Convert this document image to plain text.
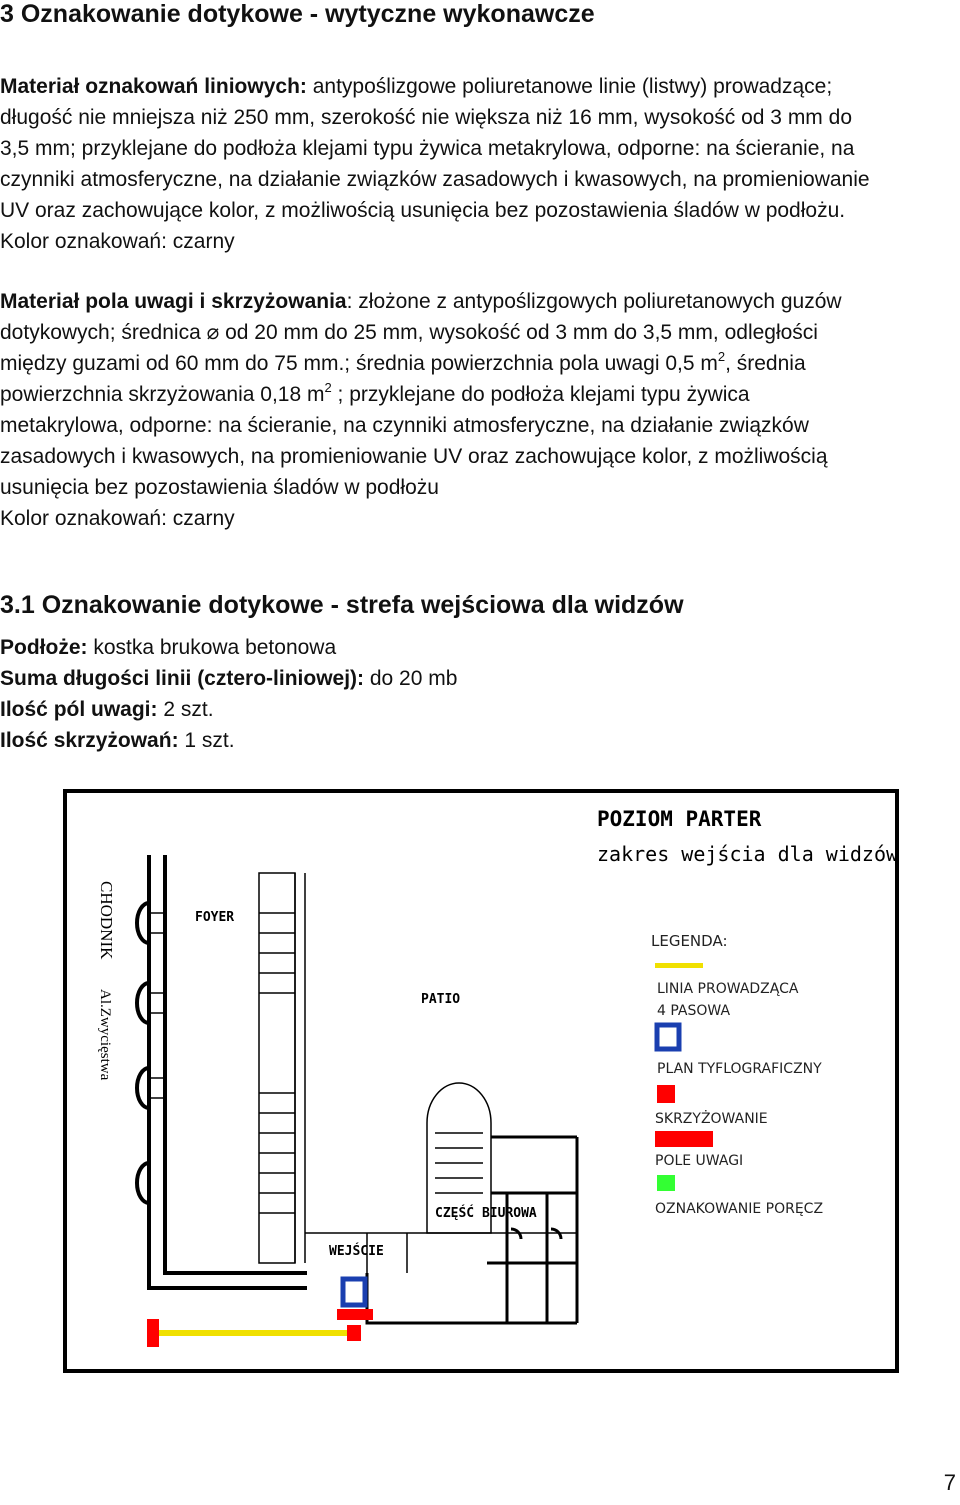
3 Oznakowanie dotykowe - wytyczne wykonawcze
Materiał oznakowań liniowych: antypoślizgowe poliuretanowe linie (listwy) prowadzące;
długość nie mniejsza niż 250 mm, szerokość nie większa niż 16 mm, wysokość od 3 mm do
3,5 mm; przyklejane do podłoża klejami typu żywica metakrylowa, odporne: na ścieranie, na
czynniki atmosferyczne, na działanie związków zasadowych i kwasowych, na promieniowanie
UV oraz zachowujące kolor, z możliwością usunięcia bez pozostawienia śladów w podłożu.
Kolor oznakowań: czarny
Materiał pola uwagi i skrzyżowania: złożone z antypoślizgowych poliuretanowych guzów
dotykowych; średnica ⌀ od 20 mm do 25 mm, wysokość od 3 mm do 3,5 mm, odległości
między guzami od 60 mm do 75 mm.; średnia powierzchnia pola uwagi 0,5 $m^2$, średnia
powierzchnia skrzyżowania 0,18 $m^2$ ; przyklejane do podłoża klejami typu żywica
metakrylowa, odporne: na ścieranie, na czynniki atmosferyczne, na działanie związków
zasadowych i kwasowych, na promieniowanie UV oraz zachowujące kolor, z możliwością
usunięcia bez pozostawienia śladów w podłożu
Kolor oznakowań: czarny
3.1 Oznakowanie dotykowe - strefa wejściowa dla widzów
Podłoże: kostka brukowa betonowa
Suma długości linii (cztero-liniowej): do 20 mb
Ilość pól uwagi: 2 szt.
Ilość skrzyżowań: 1 szt.
POZIOM PARTER
zakres wejścia dla widzów
CHODNIK
Al.Zwycięstwa
FOYER
PATIO
CZĘŚĆ BIUROWA
WEJŚCIE
LEGENDA:
LINIA PROWADZĄCA
4 PASOWA
PLAN TYFLOGRAFICZNY
SKRZYŻOWANIE
POLE UWAGI
OZNAKOWANIE PORĘCZ
7
